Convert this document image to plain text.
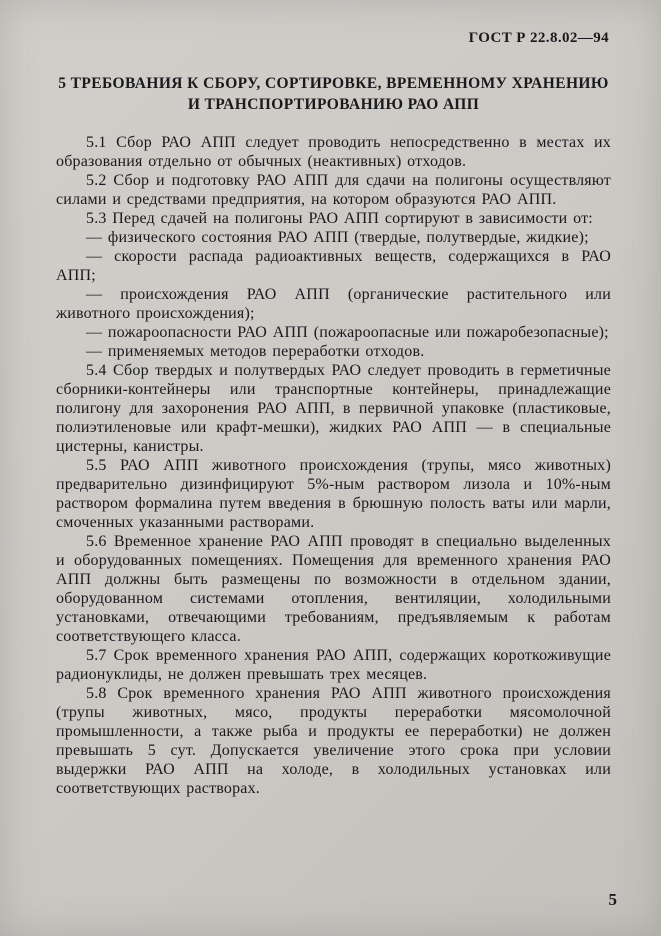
ГОСТ Р 22.8.02—94
5 ТРЕБОВАНИЯ К СБОРУ, СОРТИРОВКЕ, ВРЕМЕННОМУ ХРАНЕНИЮ
И ТРАНСПОРТИРОВАНИЮ РАО АПП

5.1 Сбор РАО АПП следует проводить непосредственно в местах их образования отдельно от обычных (неактивных) отходов.

5.2 Сбор и подготовку РАО АПП для сдачи на полигоны осуществляют силами и средствами предприятия, на котором образуются РАО АПП.

5.3 Перед сдачей на полигоны РАО АПП сортируют в зависимости от:

— физического состояния РАО АПП (твердые, полутвердые, жидкие);

— скорости распада радиоактивных веществ, содержащихся в РАО АПП;

— происхождения РАО АПП (органические растительного или животного происхождения);

— пожароопасности РАО АПП (пожароопасные или пожаробезопасные);

— применяемых методов переработки отходов.

5.4 Сбор твердых и полутвердых РАО следует проводить в герметичные сборники-контейнеры или транспортные контейнеры, принадлежащие полигону для захоронения РАО АПП, в первичной упаковке (пластиковые, полиэтиленовые или крафт-мешки), жидких РАО АПП — в специальные цистерны, канистры.

5.5 РАО АПП животного происхождения (трупы, мясо животных) предварительно дизинфицируют 5%-ным раствором лизола и 10%-ным раствором формалина путем введения в брюшную полость ваты или марли, смоченных указанными растворами.

5.6 Временное хранение РАО АПП проводят в специально выделенных и оборудованных помещениях. Помещения для временного хранения РАО АПП должны быть размещены по возможности в отдельном здании, оборудованном системами отопления, вентиляции, холодильными установками, отвечающими требованиям, предъявляемым к работам соответствующего класса.

5.7 Срок временного хранения РАО АПП, содержащих короткоживущие радионуклиды, не должен превышать трех месяцев.

5.8 Срок временного хранения РАО АПП животного происхождения (трупы животных, мясо, продукты переработки мясомолочной промышленности, а также рыба и продукты ее переработки) не должен превышать 5 сут. Допускается увеличение этого срока при условии выдержки РАО АПП на холоде, в холодильных установках или соответствующих растворах.

5
